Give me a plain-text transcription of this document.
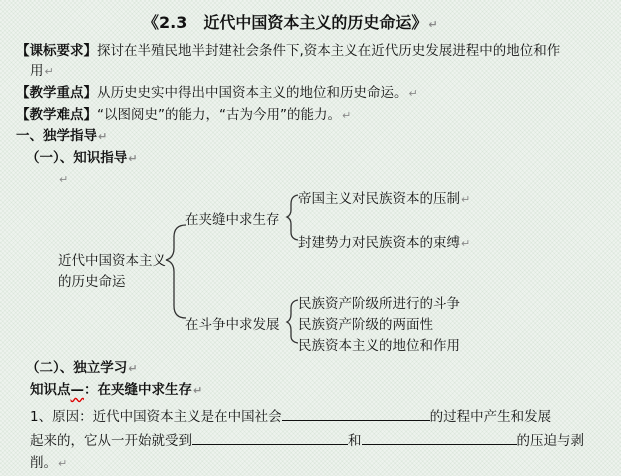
《2.3　近代中国资本主义的历史命运》↵
【课标要求】探讨在半殖民地半封建社会条件下,资本主义在近代历史发展进程中的地位和作
用↵
【教学重点】从历史史实中得出中国资本主义的地位和历史命运。↵
【教学难点】“以图阅史”的能力，“古为今用”的能力。↵
一、独学指导↵
（一）、知识指导↵
↵
近代中国资本主义
的历史命运
在夹缝中求生存
帝国主义对民族资本的压制↵
封建势力对民族资本的束缚↵
在斗争中求发展
民族资产阶级所进行的斗争
民族资产阶级的两面性
民族资本主义的地位和作用
（二）、独立学习↵
知识点—：在夹缝中求生存↵
1、原因：近代中国资本主义是在中国社会	的过程中产生和发展
起来的，它从一开始就受到	和	的压迫与剥
削。↵
